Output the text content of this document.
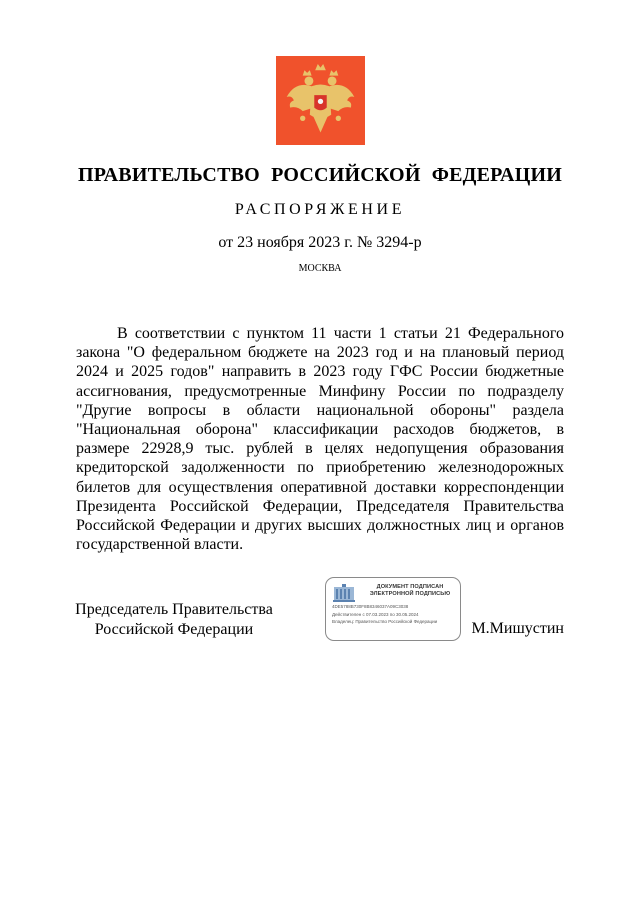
ПРАВИТЕЛЬСТВО РОССИЙСКОЙ ФЕДЕРАЦИИ
РАСПОРЯЖЕНИЕ
от 23 ноября 2023 г. № 3294-р
МОСКВА
В соответствии с пунктом 11 части 1 статьи 21 Федерального закона "О федеральном бюджете на 2023 год и на плановый период 2024 и 2025 годов" направить в 2023 году ГФС России бюджетные ассигнования, предусмотренные Минфину России по подразделу "Другие вопросы в области национальной обороны" раздела "Национальная оборона" классификации расходов бюджетов, в размере 22928,9 тыс. рублей в целях недопущения образования кредиторской задолженности по приобретению железнодорожных билетов для осуществления оперативной доставки корреспонденции Президента Российской Федерации, Председателя Правительства Российской Федерации и других высших должностных лиц и органов государственной власти.
Председатель Правительства
Российской Федерации
ДОКУМЕНТ ПОДПИСАН
ЭЛЕКТРОННОЙ ПОДПИСЬЮ
4DE5788B730F8B8346037A09C3038
Действителен с 07.03.2023 по 30.05.2024
Владелец: Правительство Российской Федерации	М.Мишустин
